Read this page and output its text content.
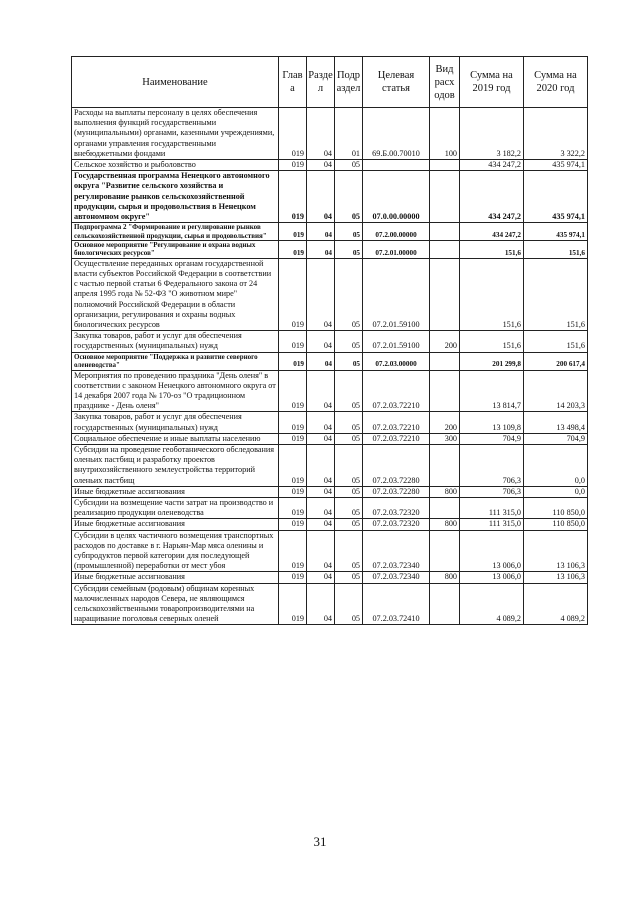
Наименование	Глав а	Разде л	Подр аздел	Целевая статья	Вид расх одов	Сумма на 2019 год	Сумма на 2020 год
Расходы на выплаты персоналу в целях обеспечения выполнения функций государственными (муниципальными) органами, казенными учреждениями, органами управления государственными внебюджетными фондами	019	04	01	69.Б.00.70010	100	3 182,2	3 322,2
Сельское хозяйство и рыболовство	019	04	05			434 247,2	435 974,1
Государственная программа Ненецкого автономного округа "Развитие сельского хозяйства и регулирование рынков сельскохозяйственной продукции, сырья и продовольствия в Ненецком автономном округе"	019	04	05	07.0.00.00000		434 247,2	435 974,1
Подпрограмма 2 "Формирование и регулирование рынков сельскохозяйственной продукции, сырья и продовольствия"	019	04	05	07.2.00.00000		434 247,2	435 974,1
Основное мероприятие "Регулирование и охрана водных биологических ресурсов"	019	04	05	07.2.01.00000		151,6	151,6
Осуществление переданных органам государственной власти субъектов Российской Федерации в соответствии с частью первой статьи 6 Федерального закона от 24 апреля 1995 года № 52-ФЗ "О животном мире" полномочий Российской Федерации в области организации, регулирования и охраны водных биологических ресурсов	019	04	05	07.2.01.59100		151,6	151,6
Закупка товаров, работ и услуг для обеспечения государственных (муниципальных) нужд	019	04	05	07.2.01.59100	200	151,6	151,6
Основное мероприятие "Поддержка и развитие северного оленеводства"	019	04	05	07.2.03.00000		201 299,8	200 617,4
Мероприятия по проведению праздника "День оленя" в соответствии с законом Ненецкого автономного округа от 14 декабря 2007 года № 170-оз "О традиционном празднике - День оленя"	019	04	05	07.2.03.72210		13 814,7	14 203,3
Закупка товаров, работ и услуг для обеспечения государственных (муниципальных) нужд	019	04	05	07.2.03.72210	200	13 109,8	13 498,4
Социальное обеспечение и иные выплаты населению	019	04	05	07.2.03.72210	300	704,9	704,9
Субсидии на проведение геоботанического обследования оленьих пастбищ и разработку проектов внутрихозяйственного землеустройства территорий оленьих пастбищ	019	04	05	07.2.03.72280		706,3	0,0
Иные бюджетные ассигнования	019	04	05	07.2.03.72280	800	706,3	0,0
Субсидии на возмещение части затрат на производство и реализацию продукции оленеводства	019	04	05	07.2.03.72320		111 315,0	110 850,0
Иные бюджетные ассигнования	019	04	05	07.2.03.72320	800	111 315,0	110 850,0
Субсидии в целях частичного возмещения транспортных расходов по доставке в г. Нарьян-Мар мяса оленины и субпродуктов первой категории для последующей (промышленной) переработки от мест убоя	019	04	05	07.2.03.72340		13 006,0	13 106,3
Иные бюджетные ассигнования	019	04	05	07.2.03.72340	800	13 006,0	13 106,3
Субсидии семейным (родовым) общинам коренных малочисленных народов Севера, не являющимся сельскохозяйственными товаропроизводителями на наращивание поголовья северных оленей	019	04	05	07.2.03.72410		4 089,2	4 089,2
31
